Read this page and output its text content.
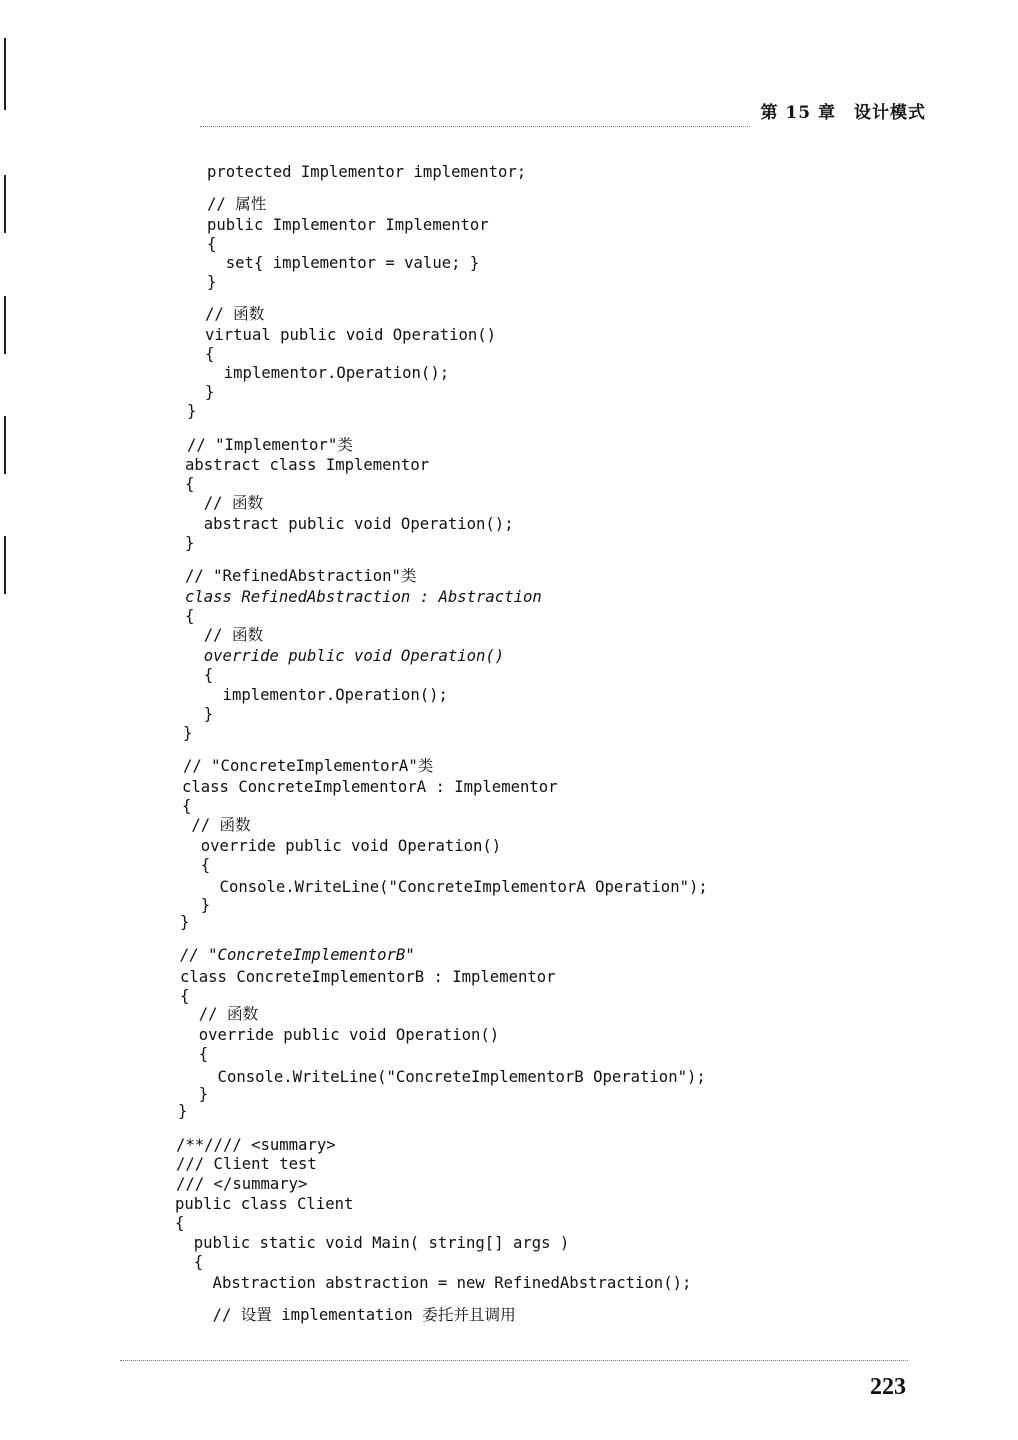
第 15 章 设计模式
protected Implementor implementor;
// 属性
public Implementor Implementor
{
set{ implementor = value; }
}
// 函数
virtual public void Operation()
{
implementor.Operation();
}
}
// "Implementor"类
abstract class Implementor
{
// 函数
abstract public void Operation();
}
// "RefinedAbstraction"类
class RefinedAbstraction : Abstraction
{
// 函数
override public void Operation()
{
implementor.Operation();
}
}
// "ConcreteImplementorA"类
class ConcreteImplementorA : Implementor
{
// 函数
override public void Operation()
{
Console.WriteLine("ConcreteImplementorA Operation");
}
}
// "ConcreteImplementorB"
class ConcreteImplementorB : Implementor
{
// 函数
override public void Operation()
{
Console.WriteLine("ConcreteImplementorB Operation");
}
}
/**//// <summary>
/// Client test
/// </summary>
public class Client
{
public static void Main( string[] args )
{
Abstraction abstraction = new RefinedAbstraction();
// 设置 implementation 委托并且调用
223
